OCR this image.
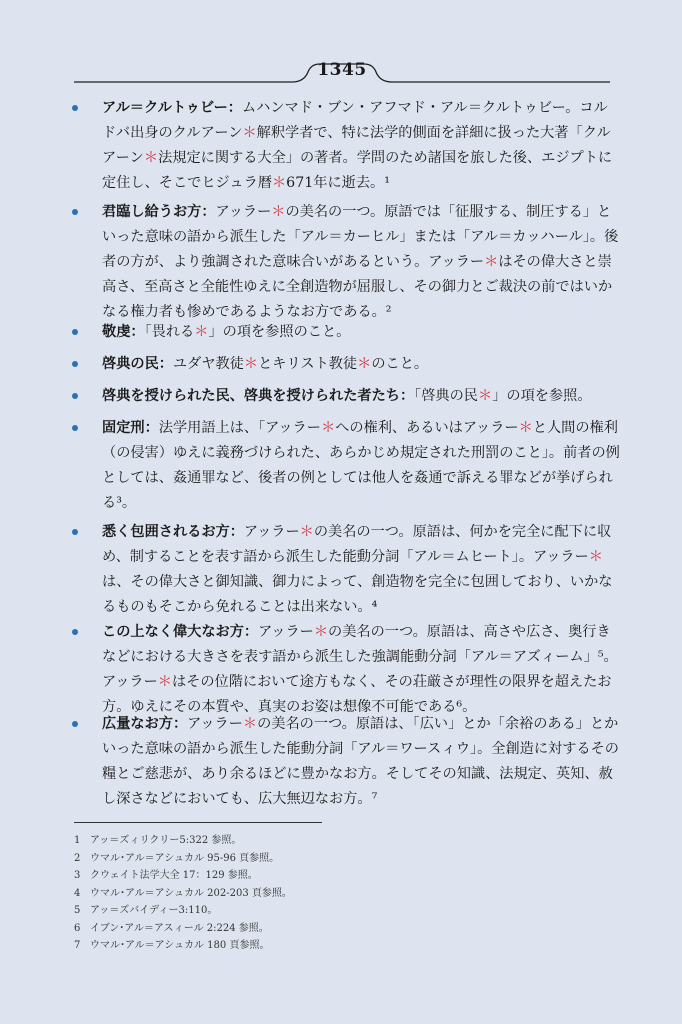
1345
アル＝クルトゥビー：ムハンマド・ブン・アフマド・アル＝クルトゥビー。コルドバ出身のクルアーン＊解釈学者で、特に法学的側面を詳細に扱った大著「クルアーン＊法規定に関する大全」の著者。学問のため諸国を旅した後、エジプトに定住し、そこでヒジュラ暦＊671年に逝去。¹
君臨し給うお方：アッラー＊の美名の一つ。原語では「征服する、制圧する」といった意味の語から派生した「アル＝カーヒル」または「アル＝カッハール」。後者の方が、より強調された意味合いがあるという。アッラー＊はその偉大さと崇高さ、至高さと全能性ゆえに全創造物が屈服し、その御力とご裁決の前ではいかなる権力者も惨めであるようなお方である。²
敬虔：「畏れる＊」の項を参照のこと。
啓典の民：ユダヤ教徒＊とキリスト教徒＊のこと。
啓典を授けられた民、啓典を授けられた者たち：「啓典の民＊」の項を参照。
固定刑：法学用語上は、「アッラー＊への権利、あるいはアッラー＊と人間の権利（の侵害）ゆえに義務づけられた、あらかじめ規定された刑罰のこと」。前者の例としては、姦通罪など、後者の例としては他人を姦通で訴える罪などが挙げられる³。
悉く包囲されるお方：アッラー＊の美名の一つ。原語は、何かを完全に配下に収め、制することを表す語から派生した能動分詞「アル＝ムヒート」。アッラー＊は、その偉大さと御知識、御力によって、創造物を完全に包囲しており、いかなるものもそこから免れることは出来ない。⁴
この上なく偉大なお方：アッラー＊の美名の一つ。原語は、高さや広さ、奥行きなどにおける大きさを表す語から派生した強調能動分詞「アル＝アズィーム」⁵。アッラー＊はその位階において途方もなく、その荘厳さが理性の限界を超えたお方。ゆえにその本質や、真実のお姿は想像不可能である⁶。
広量なお方：アッラー＊の美名の一つ。原語は、「広い」とか「余裕のある」とかいった意味の語から派生した能動分詞「アル＝ワースィウ」。全創造に対するその糧とご慈悲が、あり余るほどに豊かなお方。そしてその知識、法規定、英知、赦し深さなどにおいても、広大無辺なお方。⁷
1 アッ＝ズィリクリー5:322 参照。
2 ウマル･アル＝アシュカル 95-96 頁参照。
3 クウェイト法学大全 17：129 参照。
4 ウマル･アル＝アシュカル 202-203 頁参照。
5 アッ＝ズバイディー3:110。
6 イブン･アル＝アスィール 2:224 参照。
7 ウマル･アル＝アシュカル 180 頁参照。
